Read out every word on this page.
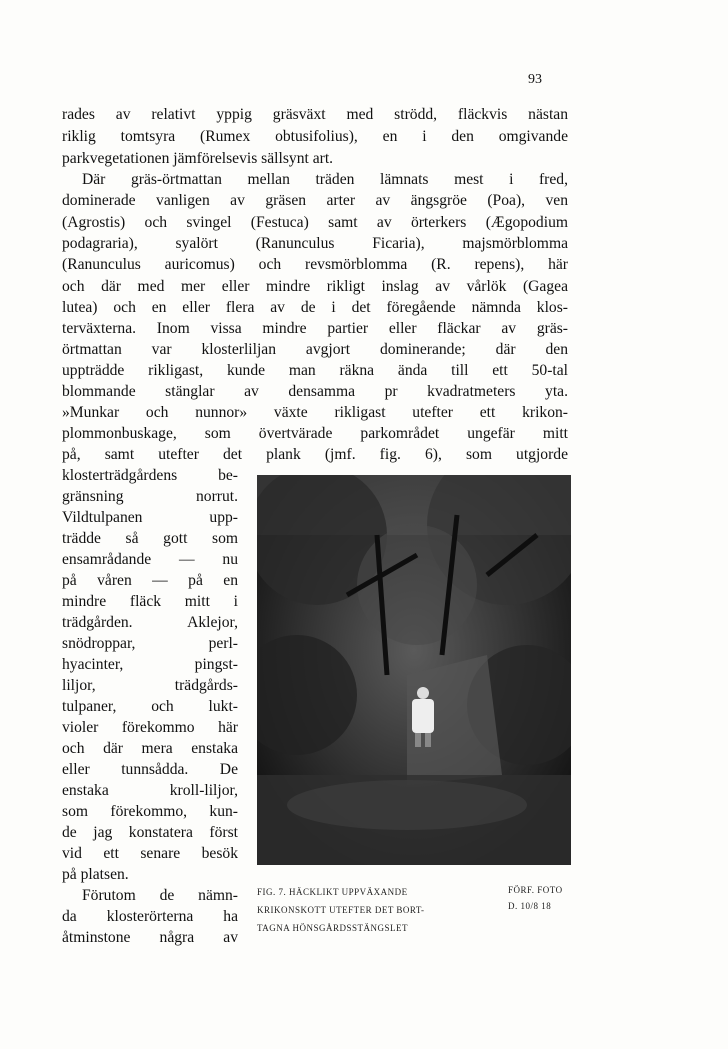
93
rades av relativt yppig gräsväxt med strödd, fläckvis nästan
riklig tomtsyra (Rumex obtusifolius), en i den omgivande
parkvegetationen jämförelsevis sällsynt art.
Där gräs-örtmattan mellan träden lämnats mest i fred,
dominerade vanligen av gräsen arter av ängsgröe (Poa), ven
(Agrostis) och svingel (Festuca) samt av örterkers (Ægopodium
podagraria), syalört (Ranunculus Ficaria), majsmörblomma
(Ranunculus auricomus) och revsmörblomma (R. repens), här
och där med mer eller mindre rikligt inslag av vårlök (Gagea
lutea) och en eller flera av de i det föregående nämnda klos-
terväxterna. Inom vissa mindre partier eller fläckar av gräs-
örtmattan var klosterliljan avgjort dominerande; där den
uppträdde rikligast, kunde man räkna ända till ett 50-tal
blommande stänglar av densamma pr kvadratmeters yta.
»Munkar och nunnor» växte rikligast utefter ett krikon-
plommonbuskage, som övertvärade parkområdet ungefär mitt
på, samt utefter det plank (jmf. fig. 6), som utgjorde
klosterträdgårdens be-
gränsning norrut.
Vildtulpanen upp-
trädde så gott som
ensamrådande — nu
på våren — på en
mindre fläck mitt i
trädgården. Aklejor,
snödroppar, perl-
hyacinter, pingst-
liljor, trädgårds-
tulpaner, och lukt-
violer förekommo här
och där mera enstaka
eller tunnsådda. De
enstaka kroll-liljor,
som förekommo, kun-
de jag konstatera först
vid ett senare besök
på platsen.
Förutom de nämn-
da klosterörterna ha
åtminstone några av
FIG. 7. HÄCKLIKT UPPVÄXANDE
KRIKONSKOTT UTEFTER DET BORT-
TAGNA HÖNSGÅRDSSTÄNGSLET
FÖRF. FOTO
D. 10/8 18
